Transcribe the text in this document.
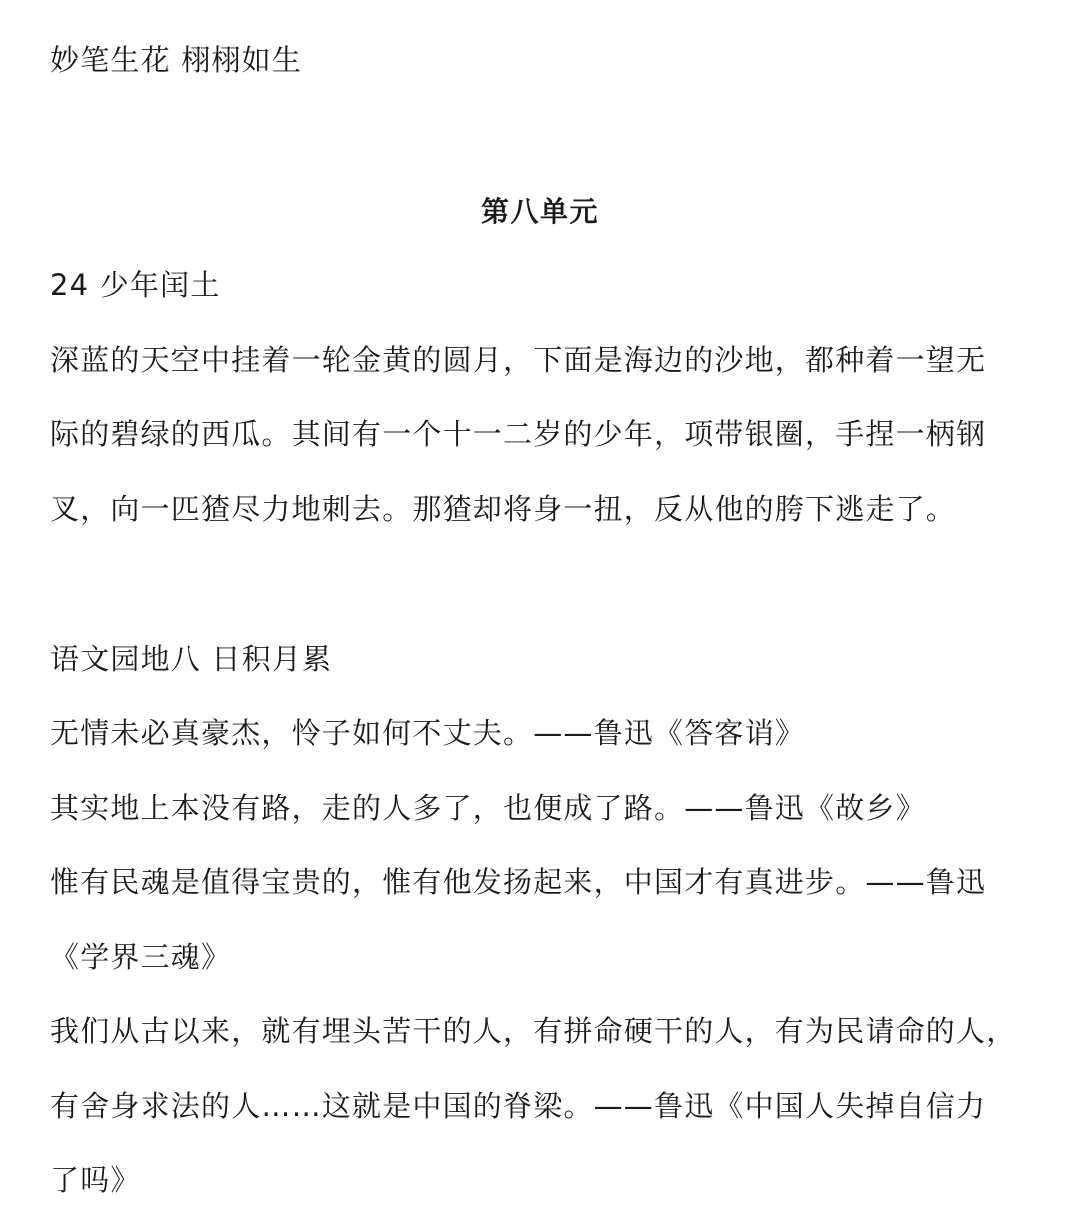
妙笔生花 栩栩如生

第八单元

24 少年闰土

深蓝的天空中挂着一轮金黄的圆月，下面是海边的沙地，都种着一望无

际的碧绿的西瓜。其间有一个十一二岁的少年，项带银圈，手捏一柄钢

叉，向一匹猹尽力地刺去。那猹却将身一扭，反从他的胯下逃走了。

语文园地八 日积月累

无情未必真豪杰，怜子如何不丈夫。——鲁迅《答客诮》

其实地上本没有路，走的人多了，也便成了路。——鲁迅《故乡》

惟有民魂是值得宝贵的，惟有他发扬起来，中国才有真进步。——鲁迅

《学界三魂》

我们从古以来，就有埋头苦干的人，有拼命硬干的人，有为民请命的人，

有舍身求法的人……这就是中国的脊梁。——鲁迅《中国人失掉自信力

了吗》
